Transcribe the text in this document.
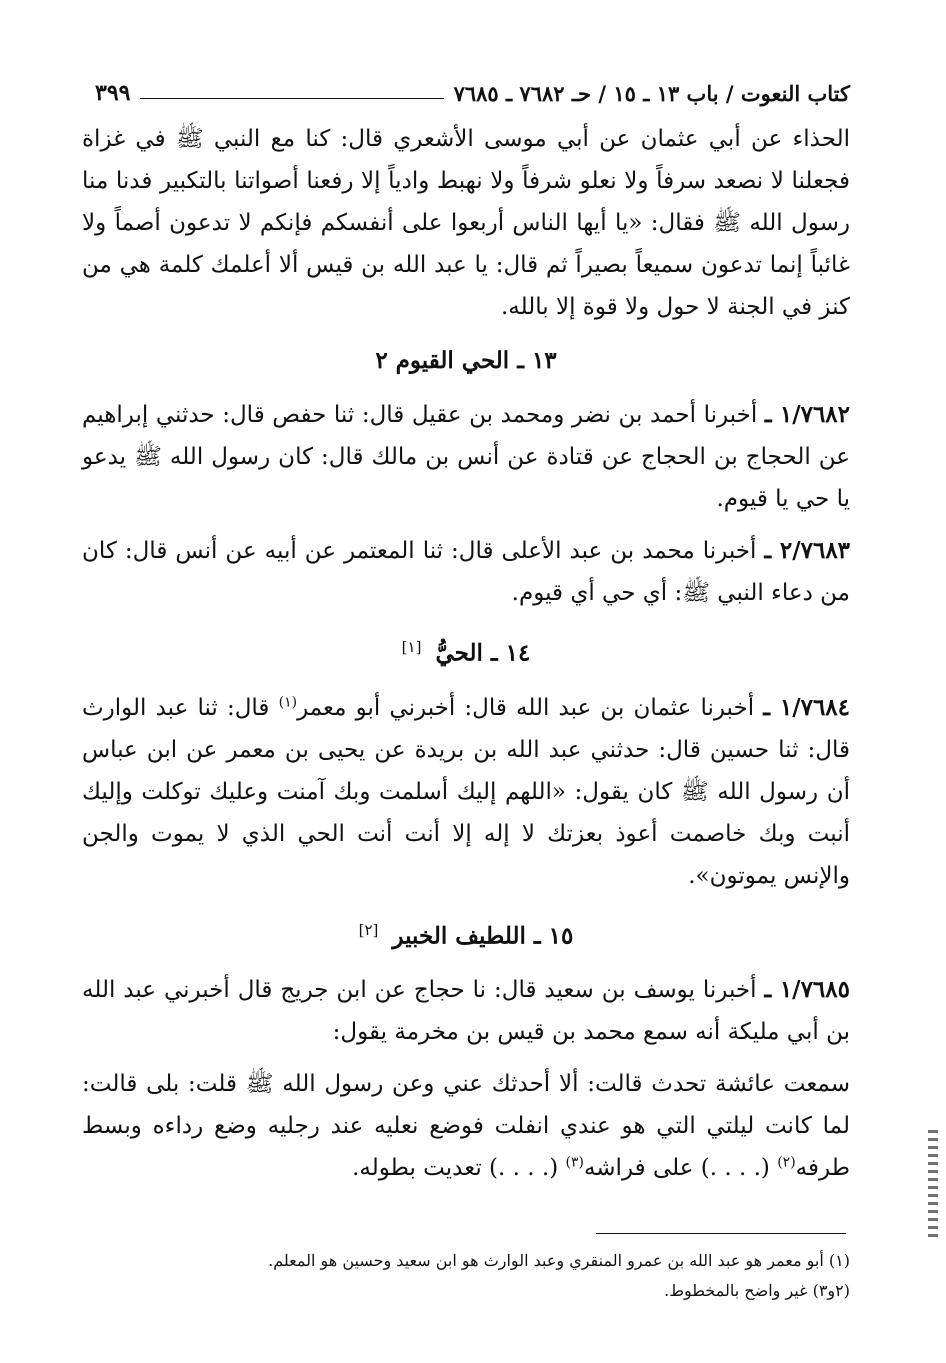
كتاب النعوت / باب ١٣ ـ ١٥ / حـ ٧٦٨٢ ـ ٧٦٨٥
٣٩٩

الحذاء عن أبي عثمان عن أبي موسى الأشعري قال: كنا مع النبي ﷺ في غزاة فجعلنا لا نصعد سرفاً ولا نعلو شرفاً ولا نهبط وادياً إلا رفعنا أصواتنا بالتكبير فدنا منا رسول الله ﷺ فقال: «يا أيها الناس أربعوا على أنفسكم فإنكم لا تدعون أصماً ولا غائباً إنما تدعون سميعاً بصيراً ثم قال: يا عبد الله بن قيس ألا أعلمك كلمة هي من كنز في الجنة لا حول ولا قوة إلا بالله.

١٣ ـ الحي القيوم ٢

١/٧٦٨٢ ـ أخبرنا أحمد بن نضر ومحمد بن عقيل قال: ثنا حفص قال: حدثني إبراهيم عن الحجاج بن الحجاج عن قتادة عن أنس بن مالك قال: كان رسول الله ﷺ يدعو يا حي يا قيوم.

٢/٧٦٨٣ ـ أخبرنا محمد بن عبد الأعلى قال: ثنا المعتمر عن أبيه عن أنس قال: كان من دعاء النبي ﷺ: أي حي أي قيوم.

١٤ ـ الحيُّ [١]

١/٧٦٨٤ ـ أخبرنا عثمان بن عبد الله قال: أخبرني أبو معمر$^{(١)}$ قال: ثنا عبد الوارث قال: ثنا حسين قال: حدثني عبد الله بن بريدة عن يحيى بن معمر عن ابن عباس أن رسول الله ﷺ كان يقول: «اللهم إليك أسلمت وبك آمنت وعليك توكلت وإليك أنبت وبك خاصمت أعوذ بعزتك لا إله إلا أنت أنت الحي الذي لا يموت والجن والإنس يموتون».

١٥ ـ اللطيف الخبير [٢]

١/٧٦٨٥ ـ أخبرنا يوسف بن سعيد قال: نا حجاج عن ابن جريج قال أخبرني عبد الله بن أبي مليكة أنه سمع محمد بن قيس بن مخرمة يقول:

سمعت عائشة تحدث قالت: ألا أحدثك عني وعن رسول الله ﷺ قلت: بلى قالت: لما كانت ليلتي التي هو عندي انفلت فوضع نعليه عند رجليه وضع رداءه وبسط طرفه$^{(٢)}$ (. . . .) على فراشه$^{(٣)}$ (. . . .) تعديت بطوله.

(١) أبو معمر هو عبد الله بن عمرو المنقري وعبد الوارث هو ابن سعيد وحسين هو المعلم.

(٢و٣) غير واضح بالمخطوط.
